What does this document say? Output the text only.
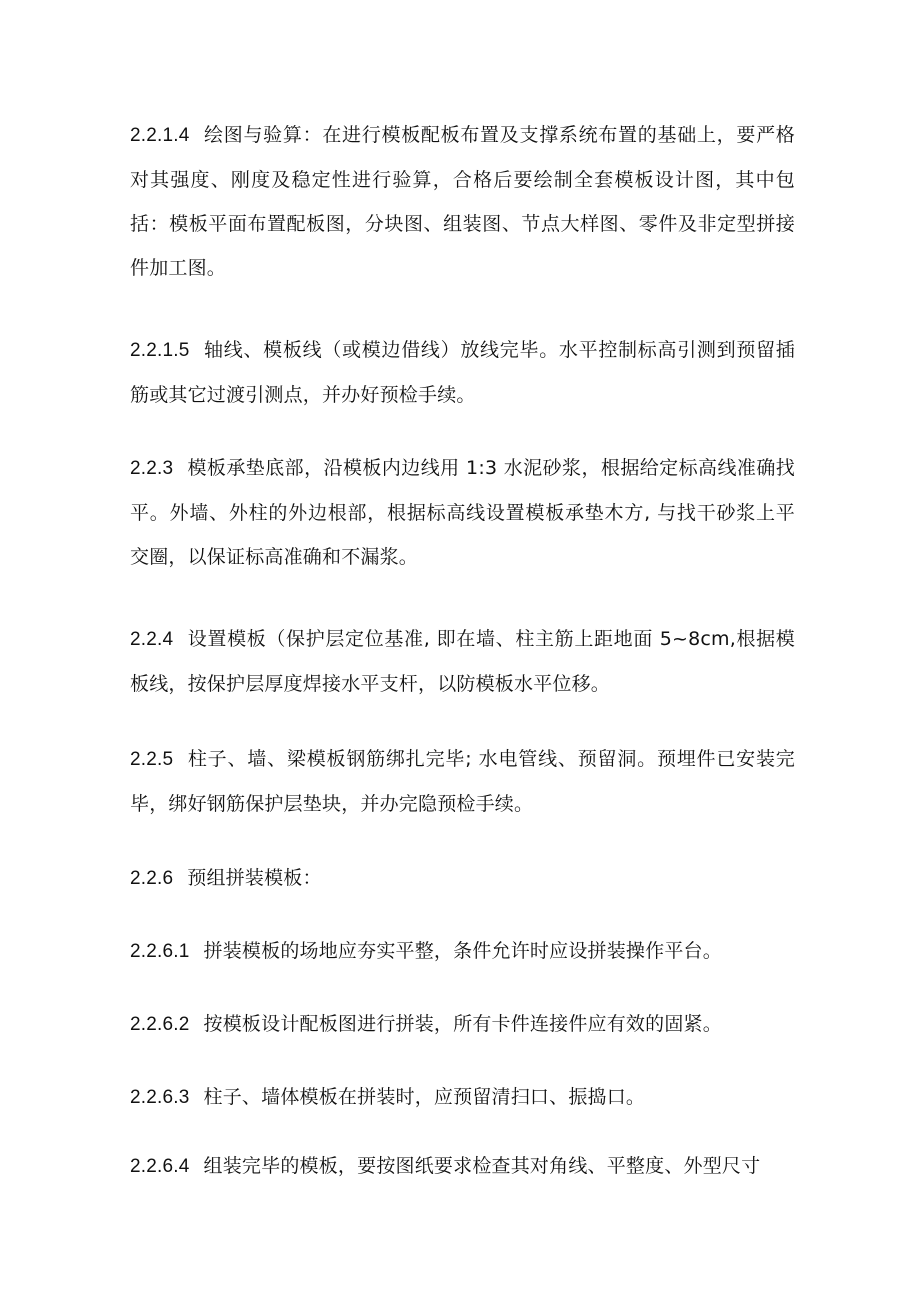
2.2.1.4 绘图与验算：在进行模板配板布置及支撑系统布置的基础上，要严格对其强度、刚度及稳定性进行验算，合格后要绘制全套模板设计图，其中包括：模板平面布置配板图，分块图、组装图、节点大样图、零件及非定型拼接件加工图。

2.2.1.5 轴线、模板线（或模边借线）放线完毕。水平控制标高引测到预留插筋或其它过渡引测点，并办好预检手续。

2.2.3 模板承垫底部，沿模板内边线用 1:3 水泥砂浆，根据给定标高线准确找平。外墙、外柱的外边根部，根据标高线设置模板承垫木方, 与找干砂浆上平交圈，以保证标高准确和不漏浆。

2.2.4 设置模板（保护层定位基准, 即在墙、柱主筋上距地面 5~8cm,根据模板线，按保护层厚度焊接水平支杆，以防模板水平位移。

2.2.5 柱子、墙、梁模板钢筋绑扎完毕; 水电管线、预留洞。预埋件已安装完毕，绑好钢筋保护层垫块，并办完隐预检手续。

2.2.6 预组拼装模板：

2.2.6.1 拼装模板的场地应夯实平整，条件允许时应设拼装操作平台。

2.2.6.2 按模板设计配板图进行拼装，所有卡件连接件应有效的固紧。

2.2.6.3 柱子、墙体模板在拼装时，应预留清扫口、振捣口。

2.2.6.4 组装完毕的模板，要按图纸要求检查其对角线、平整度、外型尺寸
